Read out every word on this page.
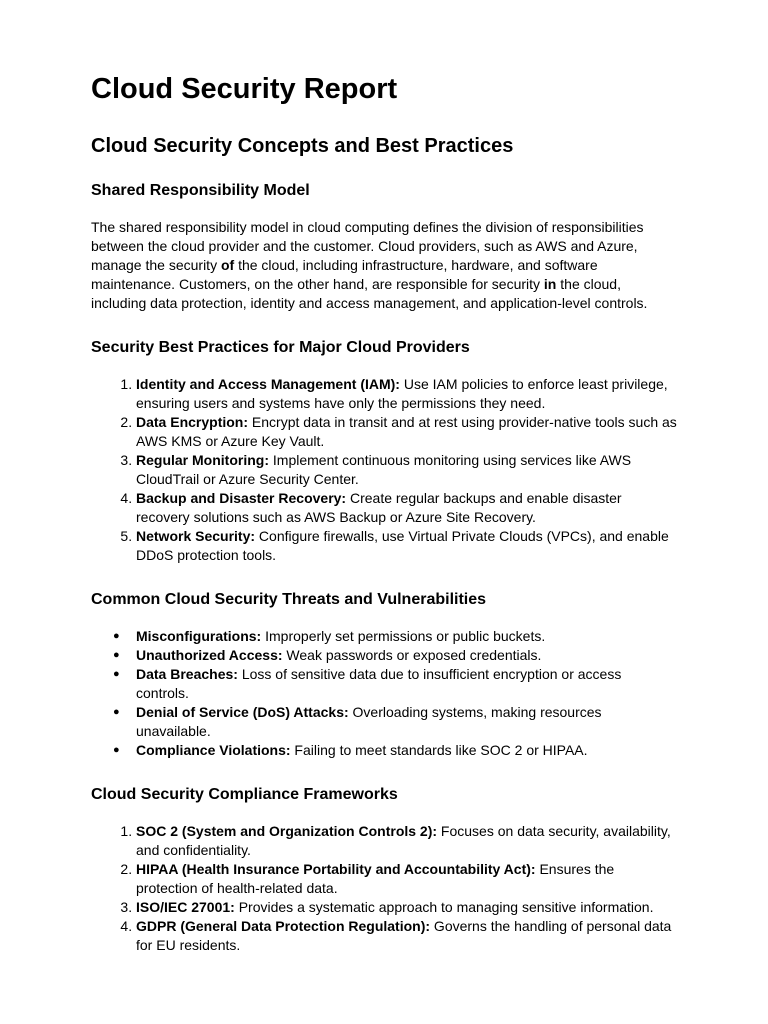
Cloud Security Report
Cloud Security Concepts and Best Practices
Shared Responsibility Model

The shared responsibility model in cloud computing defines the division of responsibilities between the cloud provider and the customer. Cloud providers, such as AWS and Azure, manage the security of the cloud, including infrastructure, hardware, and software maintenance. Customers, on the other hand, are responsible for security in the cloud, including data protection, identity and access management, and application-level controls.

Security Best Practices for Major Cloud Providers
1. Identity and Access Management (IAM): Use IAM policies to enforce least privilege, ensuring users and systems have only the permissions they need.
2. Data Encryption: Encrypt data in transit and at rest using provider-native tools such as AWS KMS or Azure Key Vault.
3. Regular Monitoring: Implement continuous monitoring using services like AWS CloudTrail or Azure Security Center.
4. Backup and Disaster Recovery: Create regular backups and enable disaster recovery solutions such as AWS Backup or Azure Site Recovery.
5. Network Security: Configure firewalls, use Virtual Private Clouds (VPCs), and enable DDoS protection tools.
Common Cloud Security Threats and Vulnerabilities
● Misconfigurations: Improperly set permissions or public buckets.
● Unauthorized Access: Weak passwords or exposed credentials.
● Data Breaches: Loss of sensitive data due to insufficient encryption or access controls.
● Denial of Service (DoS) Attacks: Overloading systems, making resources unavailable.
● Compliance Violations: Failing to meet standards like SOC 2 or HIPAA.
Cloud Security Compliance Frameworks
1. SOC 2 (System and Organization Controls 2): Focuses on data security, availability, and confidentiality.
2. HIPAA (Health Insurance Portability and Accountability Act): Ensures the protection of health-related data.
3. ISO/IEC 27001: Provides a systematic approach to managing sensitive information.
4. GDPR (General Data Protection Regulation): Governs the handling of personal data for EU residents.
